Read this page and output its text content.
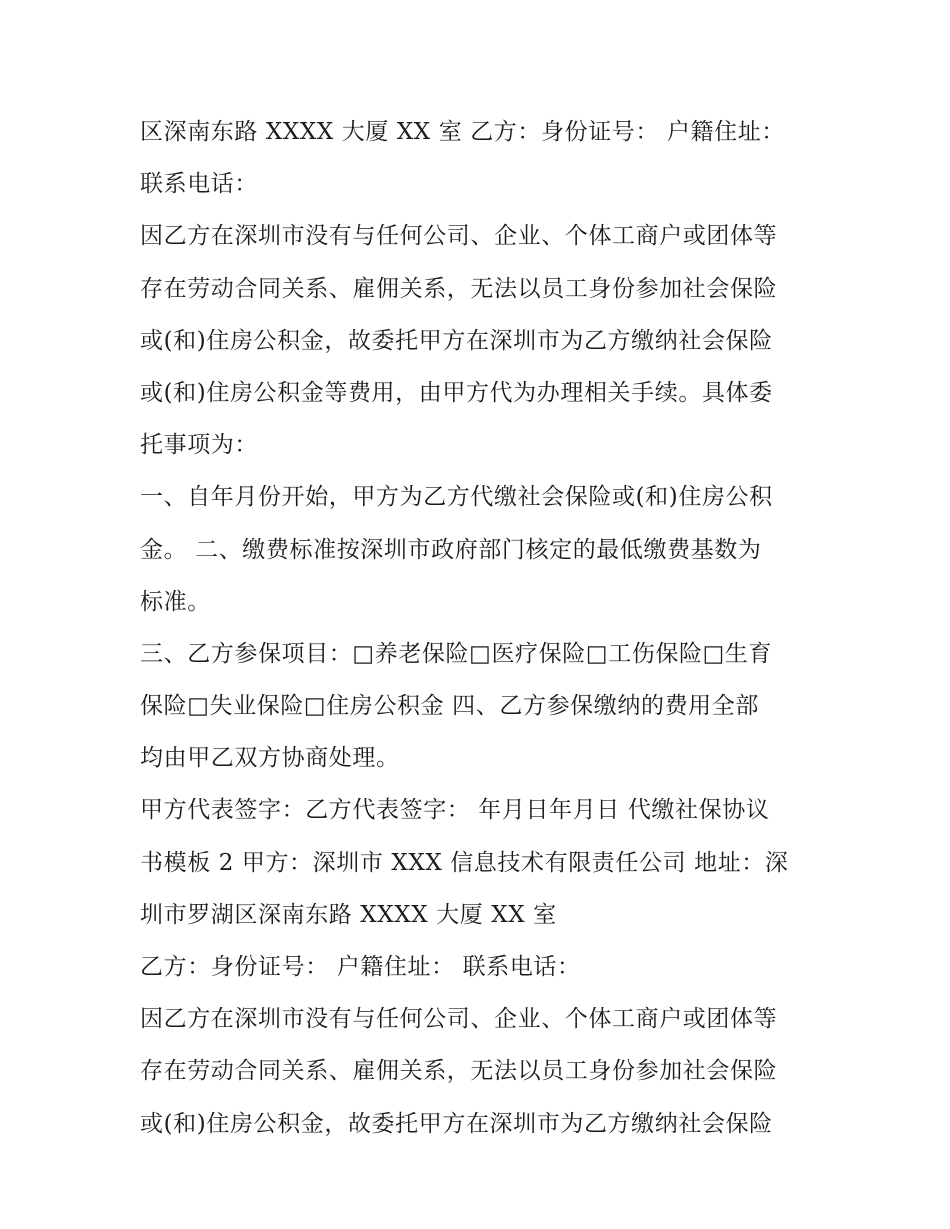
区深南东路 XXXX 大厦 XX 室 乙方：身份证号： 户籍住址：
联系电话：
因乙方在深圳市没有与任何公司、企业、个体工商户或团体等
存在劳动合同关系、雇佣关系，无法以员工身份参加社会保险
或(和)住房公积金，故委托甲方在深圳市为乙方缴纳社会保险
或(和)住房公积金等费用，由甲方代为办理相关手续。具体委
托事项为：
一、自年月份开始，甲方为乙方代缴社会保险或(和)住房公积
金。 二、缴费标准按深圳市政府部门核定的最低缴费基数为
标准。
三、乙方参保项目：□养老保险□医疗保险□工伤保险□生育
保险□失业保险□住房公积金 四、乙方参保缴纳的费用全部
均由甲乙双方协商处理。
甲方代表签字：乙方代表签字： 年月日年月日 代缴社保协议
书模板 2 甲方：深圳市 XXX 信息技术有限责任公司 地址：深
圳市罗湖区深南东路 XXXX 大厦 XX 室
乙方：身份证号： 户籍住址： 联系电话：
因乙方在深圳市没有与任何公司、企业、个体工商户或团体等
存在劳动合同关系、雇佣关系，无法以员工身份参加社会保险
或(和)住房公积金，故委托甲方在深圳市为乙方缴纳社会保险
